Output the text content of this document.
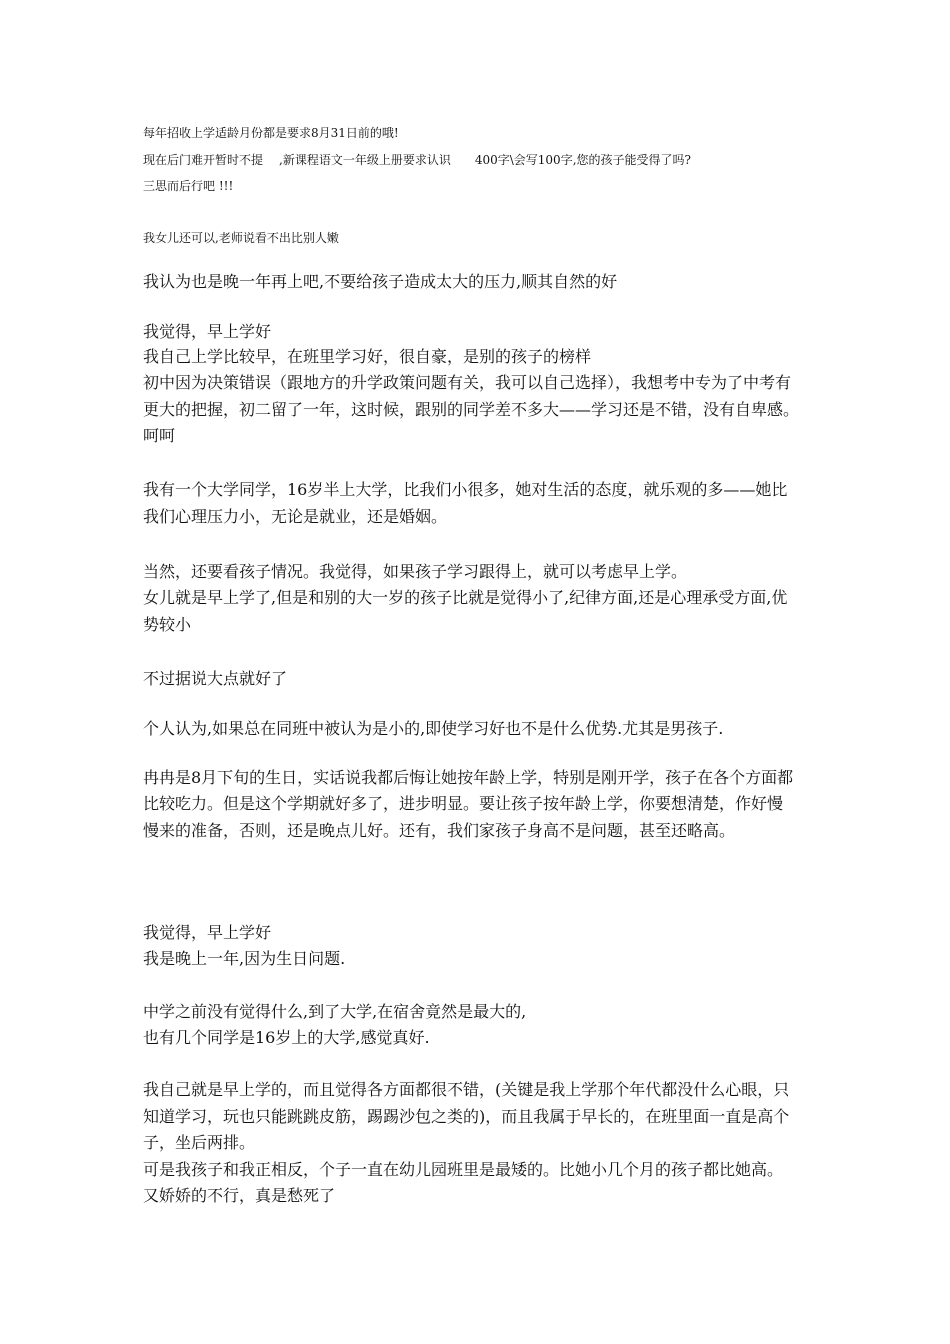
每年招收上学适龄月份都是要求8月31日前的哦!
现在后门难开暂时不提 ,新课程语文一年级上册要求认识 400字\会写100字,您的孩子能受得了吗?
三思而后行吧 !!!
我女儿还可以,老师说看不出比别人嫩
我认为也是晚一年再上吧,不要给孩子造成太大的压力,顺其自然的好
我觉得，早上学好
我自己上学比较早，在班里学习好，很自豪，是别的孩子的榜样
初中因为决策错误（跟地方的升学政策问题有关，我可以自己选择），我想考中专为了中考有
更大的把握，初二留了一年，这时候，跟别的同学差不多大——学习还是不错，没有自卑感。
呵呵
我有一个大学同学，16岁半上大学，比我们小很多，她对生活的态度，就乐观的多——她比
我们心理压力小，无论是就业，还是婚姻。
当然，还要看孩子情况。我觉得，如果孩子学习跟得上，就可以考虑早上学。
女儿就是早上学了,但是和别的大一岁的孩子比就是觉得小了,纪律方面,还是心理承受方面,优
势较小
不过据说大点就好了
个人认为,如果总在同班中被认为是小的,即使学习好也不是什么优势.尤其是男孩子.
冉冉是8月下旬的生日，实话说我都后悔让她按年龄上学，特别是刚开学，孩子在各个方面都
比较吃力。但是这个学期就好多了，进步明显。要让孩子按年龄上学，你要想清楚，作好慢
慢来的准备，否则，还是晚点儿好。还有，我们家孩子身高不是问题，甚至还略高。
我觉得，早上学好
我是晚上一年,因为生日问题.
中学之前没有觉得什么,到了大学,在宿舍竟然是最大的,
也有几个同学是16岁上的大学,感觉真好.
我自己就是早上学的，而且觉得各方面都很不错，(关键是我上学那个年代都没什么心眼，只
知道学习，玩也只能跳跳皮筋，踢踢沙包之类的)，而且我属于早长的，在班里面一直是高个
子，坐后两排。
可是我孩子和我正相反，个子一直在幼儿园班里是最矮的。比她小几个月的孩子都比她高。
又娇娇的不行，真是愁死了
